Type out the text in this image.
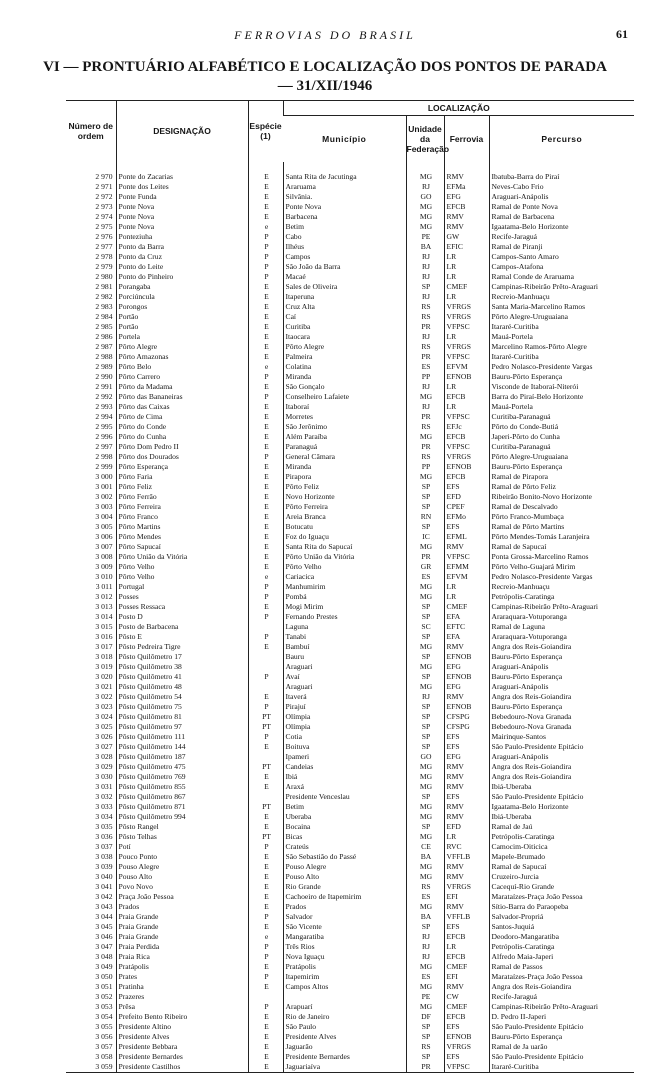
FERROVIAS DO BRASIL	61
VI — PRONTUÁRIO ALFABÉTICO E LOCALIZAÇÃO DOS PONTOS DE PARADA
— 31/XII/1946
Número de ordem	DESIGNAÇÃO	Espécie (1)	LOCALIZAÇÃO			
			Município	Unidade da Federação	Ferrovia	Percurso
2 970	Ponte do Zacarias	E	Santa Rita de Jacutinga	MG	RMV	Ibatuba-Barra do Piraí
2 971	Ponte dos Leites	E	Araruama	RJ	EFMa	Neves-Cabo Frio
2 972	Ponte Funda	E	Silvânia.	GO	EFG	Araguari-Anápolis
2 973	Ponte Nova	E	Ponte Nova	MG	EFCB	Ramal de Ponte Nova
2 974	Ponte Nova	E	Barbacena	MG	RMV	Ramal de Barbacena
2 975	Ponte Nova	e	Betim	MG	RMV	Igaatama-Belo Horizonte
2 976	Ponteziuha	P	Cabo	PE	GW	Recife-Jaraguá
2 977	Ponto da Barra	P	Ilhéus	BA	EFIC	Ramal de Piranji
2 978	Ponto da Cruz	P	Campos	RJ	LR	Campos-Santo Amaro
2 979	Ponto do Leite	P	São João da Barra	RJ	LR	Campos-Atafona
2 980	Ponto do Pinheiro	P	Macaé	RJ	LR	Ramal Conde de Araruama
2 981	Porangaba	E	Sales de Oliveira	SP	CMEF	Campinas-Ribeirão Prêto-Araguari
2 982	Porciúncula	E	Itaperuna	RJ	LR	Recreio-Manhuaçu
2 983	Porongos	E	Cruz Alta	RS	VFRGS	Santa Maria-Marcelino Ramos
2 984	Portão	E	Caí	RS	VFRGS	Pôrto Alegre-Uruguaiana
2 985	Portão	E	Curitiba	PR	VFPSC	Itararé-Curitiba
2 986	Portela	E	Itaocara	RJ	LR	Mauá-Portela
2 987	Pôrto Alegre	E	Pôrto Alegre	RS	VFRGS	Marcelino Ramos-Pôrto Alegre
2 988	Pôrto Amazonas	E	Palmeira	PR	VFPSC	Itararé-Curitiba
2 989	Pôrto Belo	e	Colatina	ES	EFVM	Pedro Nolasco-Presidente Vargas
2 990	Pôrto Carrero	P	Miranda	PP	EFNOB	Bauru-Pôrto Esperança
2 991	Pôrto da Madama	E	São Gonçalo	RJ	LR	Visconde de Itaboraí-Niterói
2 992	Pôrto das Bananeiras	P	Conselheiro Lafaiete	MG	EFCB	Barra do Piraí-Belo Horizonte
2 993	Pôrto das Caixas	E	Itaboraí	RJ	LR	Mauá-Portela
2 994	Pôrto de Cima	E	Morretes	PR	VFPSC	Curitiba-Paranaguá
2 995	Pôrto do Conde	E	São Jerônimo	RS	EFJc	Pôrto do Conde-Butiá
2 996	Pôrto do Cunha	E	Além Paraíba	MG	EFCB	Japeri-Pôrto do Cunha
2 997	Pôrto Dom Pedro II	E	Paranaguá	PR	VFPSC	Curitiba-Paranaguá
2 998	Pôrto dos Dourados	P	General Câmara	RS	VFRGS	Pôrto Alegre-Uruguaiana
2 999	Pôrto Esperança	E	Miranda	PP	EFNOB	Bauru-Pôrto Esperança
3 000	Pôrto Faria	E	Pirapora	MG	EFCB	Ramal de Pirapora
3 001	Pôrto Feliz	E	Pôrto Feliz	SP	EFS	Ramal de Pôrto Feliz
3 002	Pôrto Ferrão	E	Novo Horizonte	SP	EFD	Ribeirão Bonito-Novo Horizonte
3 003	Pôrto Ferreira	E	Pôrto Ferreira	SP	CPEF	Ramal de Descalvado
3 004	Pôrto Franco	E	Areia Branca	RN	EFMo	Pôrto Franco-Mumbaça
3 005	Pôrto Martins	E	Botucatu	SP	EFS	Ramal de Pôrto Martins
3 006	Pôrto Mendes	E	Foz do Iguaçu	IC	EFML	Pôrto Mendes-Tomás Laranjeira
3 007	Pôrto Sapucaí	E	Santa Rita do Sapucaí	MG	RMV	Ramal de Sapucaí
3 008	Pôrto União da Vitória	E	Pôrto União da Vitória	PR	VFPSC	Ponta Grossa-Marcelino Ramos
3 009	Pôrto Velho	E	Pôrto Velho	GR	EFMM	Pôrto Velho-Guajará Mirim
3 010	Pôrto Velho	e	Cariacica	ES	EFVM	Pedro Nolasco-Presidente Vargas
3 011	Portugal	P	Manhumirim	MG	LR	Recreio-Manhuaçu
3 012	Posses	P	Pombá	MG	LR	Petrópolis-Caratinga
3 013	Posses Ressaca	E	Mogi Mirim	SP	CMEF	Campinas-Ribeirão Prêto-Araguari
3 014	Posto D	P	Fernando Prestes	SP	EFA	Araraquara-Votuporanga
3 015	Posto de Barbacena		Laguna	SC	EFTC	Ramal de Laguna
3 016	Pôsto E	P	Tanabi	SP	EFA	Araraquara-Votuporanga
3 017	Pôsto Pedreira Tigre	E	Bambuí	MG	RMV	Angra dos Reis-Goiandira
3 018	Pôsto Quilômetro 17		Bauru	SP	EFNOB	Bauru-Pôrto Esperança
3 019	Pôsto Quilômetro 38		Araguari	MG	EFG	Araguari-Anápolis
3 020	Pôsto Quilômetro 41	P	Avaí	SP	EFNOB	Bauru-Pôrto Esperança
3 021	Pôsto Quilômetro 48		Araguari	MG	EFG	Araguari-Anápolis
3 022	Pôsto Quilômetro 54	E	Itaverá	RJ	RMV	Angra dos Reis-Goiandira
3 023	Pôsto Quilômetro 75	P	Pirajuí	SP	EFNOB	Bauru-Pôrto Esperança
3 024	Pôsto Quilômetro 81	PT	Olímpia	SP	CFSPG	Bebedouro-Nova Granada
3 025	Pôsto Quilômetro 97	PT	Olímpia	SP	CFSPG	Bebedouro-Nova Granada
3 026	Pôsto Quilômetro 111	P	Cotia	SP	EFS	Mairinque-Santos
3 027	Pôsto Quilômetro 144	E	Boituva	SP	EFS	São Paulo-Presidente Epitácio
3 028	Pôsto Quilômetro 187		Ipameri	GO	EFG	Araguari-Anápolis
3 029	Pôsto Quilômetro 475	PT	Candeias	MG	RMV	Angra dos Reis-Goiandira
3 030	Pôsto Quilômetro 769	E	Ibiá	MG	RMV	Angra dos Reis-Goiandira
3 031	Pôsto Quilômetro 855	E	Araxá	MG	RMV	Ibiá-Uberaba
3 032	Pôsto Quilômetro 867		Presidente Venceslau	SP	EFS	São Paulo-Presidente Epitácio
3 033	Pôsto Quilômetro 871	PT	Betim	MG	RMV	Igaatama-Belo Horizonte
3 034	Pôsto Quilômetro 994	E	Uberaba	MG	RMV	Ibiá-Uberaba
3 035	Pôsto Rangel	E	Bocaina	SP	EFD	Ramal de Jaú
3 036	Pôsto Telhas	PT	Bicas	MG	LR	Petrópolis-Caratinga
3 037	Potí	P	Crateús	CE	RVC	Camocim-Oiticica
3 038	Pouco Ponto	E	São Sebastião do Passé	BA	VFFLB	Mapele-Brumado
3 039	Pouso Alegre	E	Pouso Alegre	MG	RMV	Ramal de Sapucaí
3 040	Pouso Alto	E	Pouso Alto	MG	RMV	Cruzeiro-Jurcia
3 041	Povo Novo	E	Rio Grande	RS	VFRGS	Cacequí-Rio Grande
3 042	Praça João Pessoa	E	Cachoeiro de Itapemirim	ES	EFI	Marataízes-Praça João Pessoa
3 043	Prados	E	Prados	MG	RMV	Sítio-Barra do Paraopeba
3 044	Praia Grande	P	Salvador	BA	VFFLB	Salvador-Propriá
3 045	Praia Grande	E	São Vicente	SP	EFS	Santos-Juquiá
3 046	Praia Grande	e	Mangaratiba	RJ	EFCB	Deodoro-Mangaratiba
3 047	Praia Perdida	P	Três Rios	RJ	LR	Petrópolis-Caratinga
3 048	Praia Rica	P	Nova Iguaçu	RJ	EFCB	Alfredo Maia-Japeri
3 049	Pratápolis	E	Pratápolis	MG	CMEF	Ramal de Passos
3 050	Prates	P	Itapemirim	ES	EFI	Marataízes-Praça João Pessoa
3 051	Pratinha	E	Campos Altos	MG	RMV	Angra dos Reis-Goiandira
3 052	Prazeres			PE	CW	Recife-Jaraguá
3 053	Prêsa	P	Arapuarí	MG	CMEF	Campinas-Ribeirão Prêto-Araguari
3 054	Prefeito Bento Ribeiro	E	Rio de Janeiro	DF	EFCB	D. Pedro II-Japeri
3 055	Presidente Altino	E	São Paulo	SP	EFS	São Paulo-Presidente Epitácio
3 056	Presidente Alves	E	Presidente Alves	SP	EFNOB	Bauru-Pôrto Esperança
3 057	Presidente Bebbara	E	Jaguarão	RS	VFRGS	Ramal de Ja uarão
3 058	Presidente Bernardes	E	Presidente Bernardes	SP	EFS	São Paulo-Presidente Epitácio
3 059	Presidente Castilhos	E	Jaguariaíva	PR	VFPSC	Itararé-Curitiba
